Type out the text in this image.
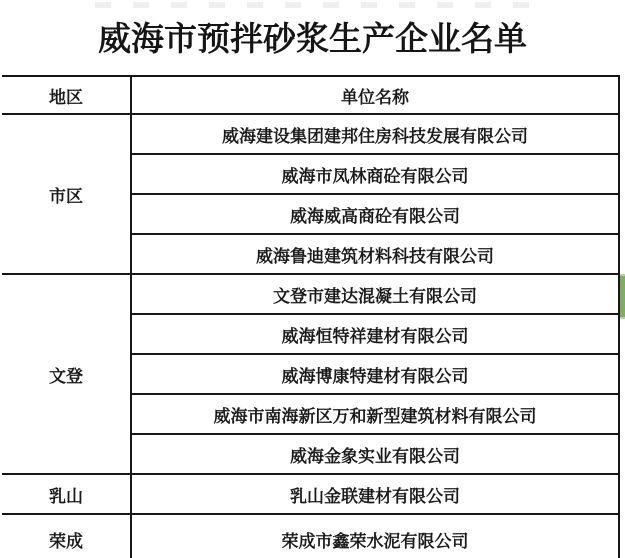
威海市预拌砂浆生产企业名单
地区	单位名称
市区	威海建设集团建邦住房科技发展有限公司
	威海市凤林商砼有限公司
	威海威高商砼有限公司
	威海鲁迪建筑材料科技有限公司
文登	文登市建达混凝土有限公司
	威海恒特祥建材有限公司
	威海博康特建材有限公司
	威海市南海新区万和新型建筑材料有限公司
	威海金象实业有限公司
乳山	乳山金联建材有限公司
荣成	荣成市鑫荣水泥有限公司
